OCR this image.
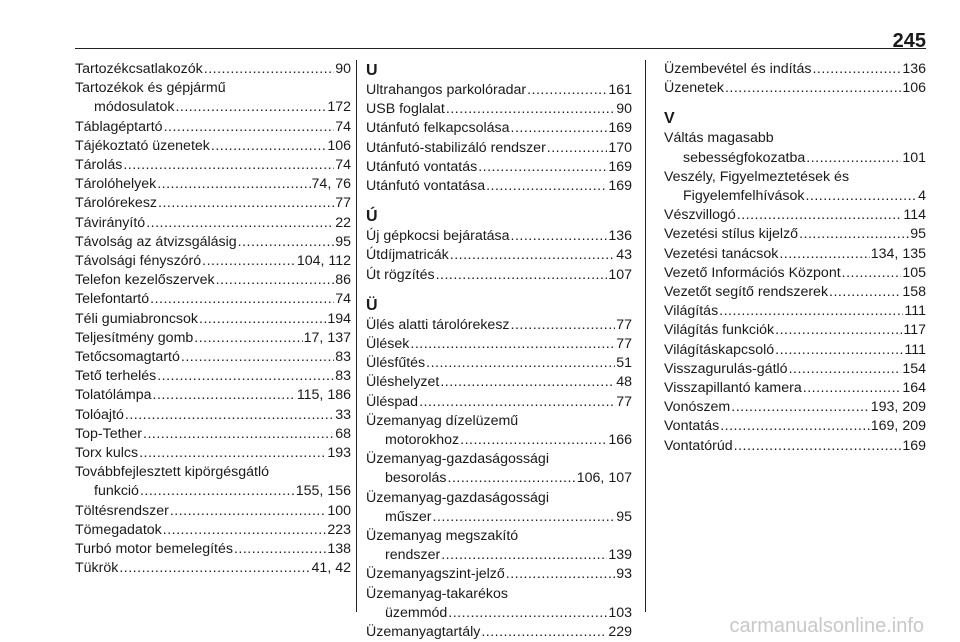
245
Tartozékcsatlakozók .....	90
Tartozékok és gépjármű
módosulatok .....	172
Táblagéptartó .....	74
Tájékoztató üzenetek .....	106
Tárolás .....	74
Tárolóhelyek .....	74, 76
Tárolórekesz .....	77
Távirányító .....	22
Távolság az átvizsgálásig .....	95
Távolsági fényszóró .....	104, 112
Telefon kezelőszervek .....	86
Telefontartó .....	74
Téli gumiabroncsok .....	194
Teljesítmény gomb .....	17, 137
Tetőcsomagtartó .....	83
Tető terhelés .....	83
Tolatólámpa .....	115, 186
Tolóajtó .....	33
Top-Tether .....	68
Torx kulcs .....	193
Továbbfejlesztett kipörgésgátló
funkció .....	155, 156
Töltésrendszer .....	100
Tömegadatok .....	223
Turbó motor bemelegítés .....	138
Tükrök .....	41, 42
U
Ultrahangos parkolóradar .....	161
USB foglalat .....	90
Utánfutó felkapcsolása .....	169
Utánfutó-stabilizáló rendszer .....	170
Utánfutó vontatás .....	169
Utánfutó vontatása .....	169
Ú
Új gépkocsi bejáratása .....	136
Útdíjmatricák .....	43
Út rögzítés .....	107
Ü
Ülés alatti tárolórekesz .....	77
Ülések .....	77
Ülésfűtés .....	51
Üléshelyzet .....	48
Üléspad .....	77
Üzemanyag dízelüzemű
motorokhoz .....	166
Üzemanyag-gazdaságossági
besorolás .....	106, 107
Üzemanyag-gazdaságossági
műszer .....	95
Üzemanyag megszakító
rendszer .....	139
Üzemanyagszint-jelző .....	93
Üzemanyag-takarékos
üzemmód .....	103
Üzemanyagtartály .....	229
Üzembevétel és indítás .....	136
Üzenetek .....	106
V
Váltás magasabb
sebességfokozatba .....	101
Veszély, Figyelmeztetések és
Figyelemfelhívások .....	4
Vészvillogó .....	114
Vezetési stílus kijelző .....	95
Vezetési tanácsok .....	134, 135
Vezető Információs Központ .....	105
Vezetőt segítő rendszerek .....	158
Világítás .....	111
Világítás funkciók .....	117
Világításkapcsoló .....	111
Visszagurulás-gátló .....	154
Visszapillantó kamera .....	164
Vonószem .....	193, 209
Vontatás .....	169, 209
Vontatórúd .....	169
carmanualsonline.info
